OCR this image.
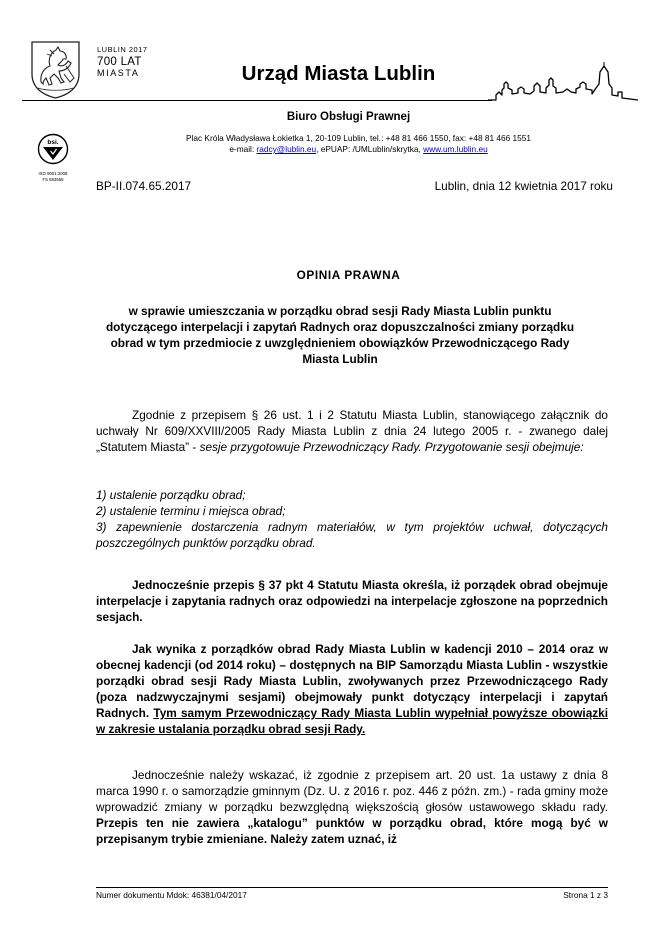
LUBLIN 2017
700 LAT
MIASTA	Urząd Miasta Lublin
Biuro Obsługi Prawnej
Plac Króla Władysława Łokietka 1, 20-109 Lublin, tel.: +48 81 466 1550, fax: +48 81 466 1551
e-mail: radcy@lublin.eu, ePUAP: /UMLublin/skrytka, www.um.lublin.eu
bsi.
ISO 9001:2008
FS 583555	BP-II.074.65.2017	Lublin, dnia 12 kwietnia 2017 roku
OPINIA PRAWNA
w sprawie umieszczania w porządku obrad sesji Rady Miasta Lublin punktu dotyczącego interpelacji i zapytań Radnych oraz dopuszczalności zmiany porządku obrad w tym przedmiocie z uwzględnieniem obowiązków Przewodniczącego Rady Miasta Lublin
Zgodnie z przepisem § 26 ust. 1 i 2 Statutu Miasta Lublin, stanowiącego załącznik do uchwały Nr 609/XXVIII/2005 Rady Miasta Lublin z dnia 24 lutego 2005 r. - zwanego dalej „Statutem Miasta” - sesje przygotowuje Przewodniczący Rady. Przygotowanie sesji obejmuje:
1) ustalenie porządku obrad;
2) ustalenie terminu i miejsca obrad;
3) zapewnienie dostarczenia radnym materiałów, w tym projektów uchwał, dotyczących poszczególnych punktów porządku obrad.
Jednocześnie przepis § 37 pkt 4 Statutu Miasta określa, iż porządek obrad obejmuje interpelacje i zapytania radnych oraz odpowiedzi na interpelacje zgłoszone na poprzednich sesjach.
Jak wynika z porządków obrad Rady Miasta Lublin w kadencji 2010 – 2014 oraz w obecnej kadencji (od 2014 roku) – dostępnych na BIP Samorządu Miasta Lublin - wszystkie porządki obrad sesji Rady Miasta Lublin, zwoływanych przez Przewodniczącego Rady (poza nadzwyczajnymi sesjami) obejmowały punkt dotyczący interpelacji i zapytań Radnych. Tym samym Przewodniczący Rady Miasta Lublin wypełniał powyższe obowiązki w zakresie ustalania porządku obrad sesji Rady.
Jednocześnie należy wskazać, iż zgodnie z przepisem art. 20 ust. 1a ustawy z dnia 8 marca 1990 r. o samorządzie gminnym (Dz. U. z 2016 r. poz. 446 z późn. zm.) - rada gminy może wprowadzić zmiany w porządku bezwzględną większością głosów ustawowego składu rady. Przepis ten nie zawiera „katalogu” punktów w porządku obrad, które mogą być w przepisanym trybie zmieniane. Należy zatem uznać, iż
Numer dokumentu Mdok: 46381/04/2017	Strona 1 z 3
